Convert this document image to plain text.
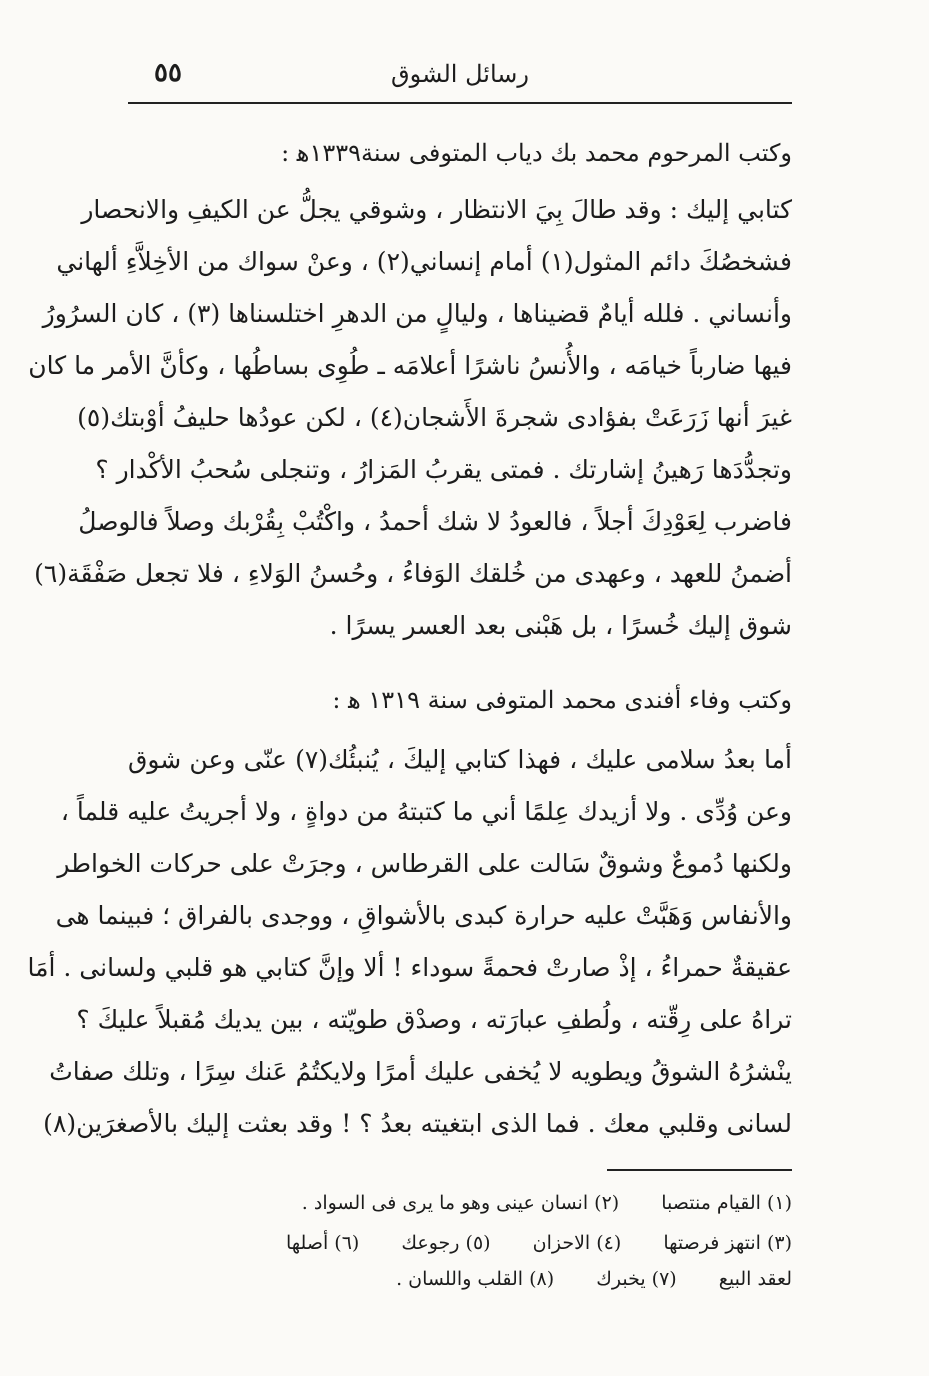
رسائل الشوق
٥٥
وكتب المرحوم محمد بك دياب المتوفى سنة١٣٣٩ﻫ :
كتابي إليك : وقد طالَ بِيَ الانتظار ، وشوقي يجلُّ عن الكيفِ والانحصار
فشخصُكَ دائم المثول(١) أمام إنساني(٢) ، وعنْ سواك من الأخِلاَّءِ ألهاني
وأنساني . فلله أيامٌ قضيناها ، وليالٍ من الدهرِ اختلسناها (٣) ، كان السرُورُ
فيها ضارباً خيامَه ، والأُنسُ ناشرًا أعلامَه ـ طُوِى بساطُها ، وكأنَّ الأمر ما كان
غيرَ أنها زَرَعَتْ بفؤادى شجرةَ الأَشجان(٤) ، لكن عودُها حليفُ أوْبتك(٥)
وتجدُّدَها رَهينُ إشارتك . فمتى يقربُ المَزارُ ، وتنجلى سُحبُ الأكْدار ؟
فاضرب لِعَوْدِكَ أجلاً ، فالعودُ لا شك أحمدُ ، واكْتُبْ بِقُرْبك وصلاً فالوصلُ
أضمنُ للعهد ، وعهدى من خُلقك الوَفاءُ ، وحُسنُ الوَلاءِ ، فلا تجعل صَفْقَة(٦)
شوق إليك خُسرًا ، بل هَبْنى بعد العسر يسرًا .
وكتب وفاء أفندى محمد المتوفى سنة ١٣١٩ ﻫ :
أما بعدُ سلامى عليك ، فهذا كتابي إليكَ ، يُنبئُك(٧) عنّى وعن شوق
وعن وُدِّى . ولا أزيدك عِلمًا أني ما كتبتهُ من دواةٍ ، ولا أجريتُ عليه قلماً ،
ولكنها دُموعٌ وشوقٌ سَالت على القرطاس ، وجرَتْ على حركات الخواطر
والأنفاس وَهَبَّتْ عليه حرارة كبدى بالأشواقِ ، ووجدى بالفراق ؛ فبينما هى
عقيقةٌ حمراءُ ، إذْ صارتْ فحمةً سوداء ! ألا وإنَّ كتابي هو قلبي ولسانى . أمَا
تراهُ على رِقّته ، ولُطفِ عبارَته ، وصدْق طويّته ، بين يديك مُقبلاً عليكَ ؟
ينْشرُهُ الشوقُ ويطويه لا يُخفى عليك أمرًا ولايكتُمُ عَنك سِرًا ، وتلك صفاتُ
لسانى وقلبي معك . فما الذى ابتغيته بعدُ ؟ ! وقد بعثت إليك بالأصغرَين(٨)
(١) القيام منتصبا (٢) انسان عينى وهو ما يرى فى السواد .
(٣) انتهز فرصتها (٤) الاحزان (٥) رجوعك (٦) أصلها
لعقد البيع (٧) يخبرك (٨) القلب واللسان .
